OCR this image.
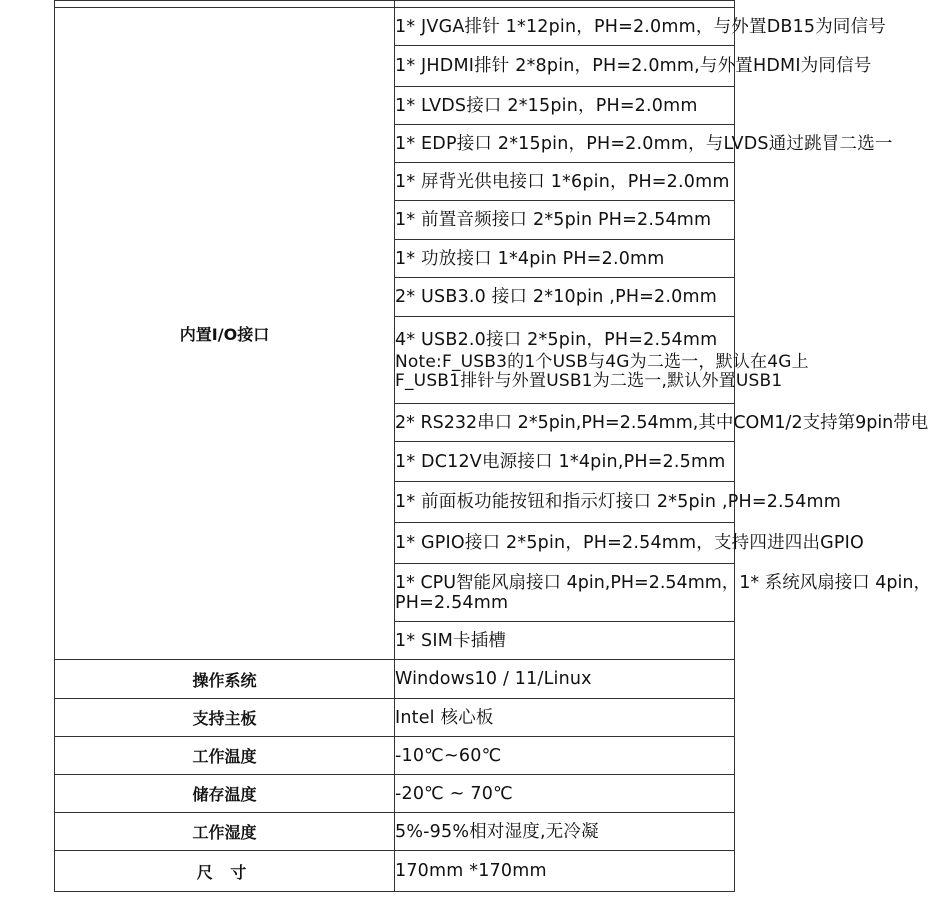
内置I/O接口	1* JVGA排针 1*12pin，PH=2.0mm，与外置DB15为同信号

	1* JHDMI排针 2*8pin，PH=2.0mm,与外置HDMI为同信号

	1* LVDS接口 2*15pin，PH=2.0mm

	1* EDP接口 2*15pin，PH=2.0mm，与LVDS通过跳冒二选一

	1* 屏背光供电接口 1*6pin，PH=2.0mm

	1* 前置音频接口 2*5pin PH=2.54mm

	1* 功放接口 1*4pin PH=2.0mm

	2* USB3.0 接口 2*10pin ,PH=2.0mm

	4* USB2.0接口 2*5pin，PH=2.54mm
Note:F_USB3的1个USB与4G为二选一，默认在4G上
F_USB1排针与外置USB1为二选一,默认外置USB1

	2* RS232串口 2*5pin,PH=2.54mm,其中COM1/2支持第9pin带电

	1* DC12V电源接口 1*4pin,PH=2.5mm

	1* 前面板功能按钮和指示灯接口 2*5pin ,PH=2.54mm

	1* GPIO接口 2*5pin，PH=2.54mm，支持四进四出GPIO

	1* CPU智能风扇接口 4pin,PH=2.54mm，1* 系统风扇接口 4pin，
PH=2.54mm

	1* SIM卡插槽

操作系统	Windows10 / 11/Linux
支持主板	Intel 核心板
工作温度	-10℃~60℃
储存温度	-20℃ ~ 70℃
工作湿度	5%-95%相对湿度,无冷凝
尺 寸	170mm *170mm
